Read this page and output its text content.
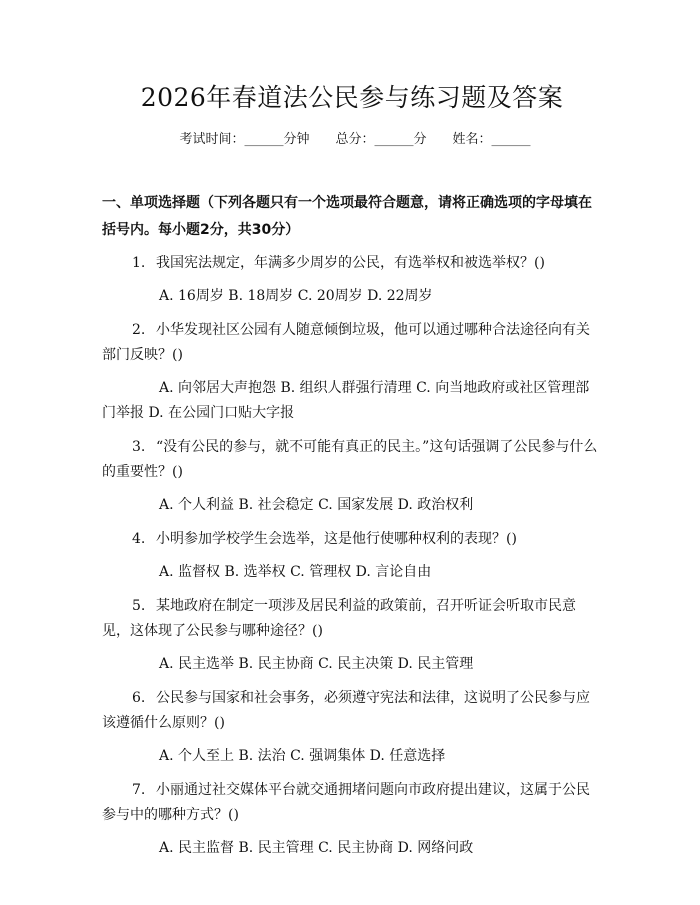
2026年春道法公民参与练习题及答案
考试时间：______分钟 总分：______分 姓名：______
一、单项选择题（下列各题只有一个选项最符合题意，请将正确选项的字母填在括号内。每小题2分，共30分）
1. 我国宪法规定，年满多少周岁的公民，有选举权和被选举权？()
A. 16周岁 B. 18周岁 C. 20周岁 D. 22周岁
2. 小华发现社区公园有人随意倾倒垃圾，他可以通过哪种合法途径向有关部门反映？()
A. 向邻居大声抱怨 B. 组织人群强行清理 C. 向当地政府或社区管理部门举报 D. 在公园门口贴大字报
3. “没有公民的参与，就不可能有真正的民主。”这句话强调了公民参与什么的重要性？()
A. 个人利益 B. 社会稳定 C. 国家发展 D. 政治权利
4. 小明参加学校学生会选举，这是他行使哪种权利的表现？()
A. 监督权 B. 选举权 C. 管理权 D. 言论自由
5. 某地政府在制定一项涉及居民利益的政策前，召开听证会听取市民意见，这体现了公民参与哪种途径？()
A. 民主选举 B. 民主协商 C. 民主决策 D. 民主管理
6. 公民参与国家和社会事务，必须遵守宪法和法律，这说明了公民参与应该遵循什么原则？()
A. 个人至上 B. 法治 C. 强调集体 D. 任意选择
7. 小丽通过社交媒体平台就交通拥堵问题向市政府提出建议，这属于公民参与中的哪种方式？()
A. 民主监督 B. 民主管理 C. 民主协商 D. 网络问政
